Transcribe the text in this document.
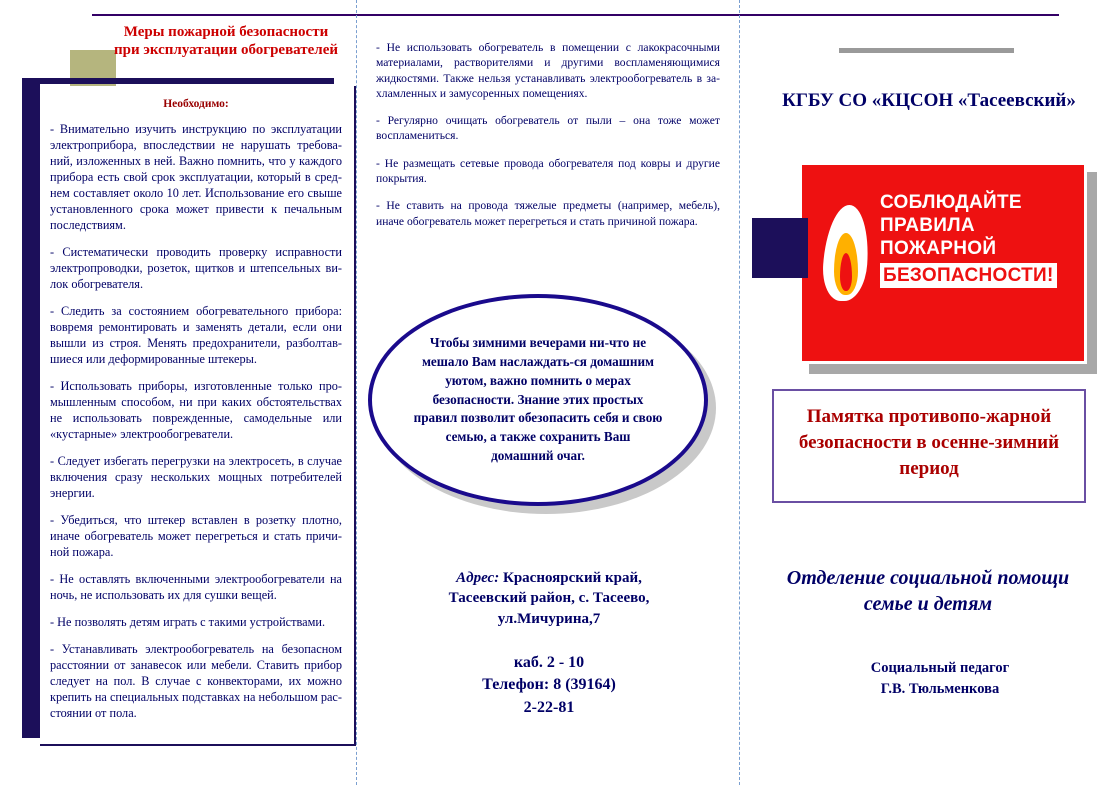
Меры пожарной безопасности при эксплуатации обогревателей
Необходимо:

- Внимательно изучить инструкцию по эксплуатации электроприбора, впоследствии не нарушать требова-ний, изложенных в ней. Важно помнить, что у каждого прибора есть свой срок эксплуатации, который в сред-нем составляет около 10 лет. Использование его свыше установленного срока может привести к печальным последствиям.

- Систематически проводить проверку исправности электропроводки, розеток, щитков и штепсельных ви-лок обогревателя.

- Следить за состоянием обогревательного прибора: вовремя ремонтировать и заменять детали, если они вышли из строя. Менять предохранители, разболтав-шиеся или деформированные штекеры.

- Использовать приборы, изготовленные только про-мышленным способом, ни при каких обстоятельствах не использовать поврежденные, самодельные или «кустарные» электрообогреватели.

- Следует избегать перегрузки на электросеть, в случае включения сразу нескольких мощных потребителей энергии.

- Убедиться, что штекер вставлен в розетку плотно, иначе обогреватель может перегреться и стать причи-ной пожара.

- Не оставлять включенными электрообогреватели на ночь, не использовать их для сушки вещей.

- Не позволять детям играть с такими устройствами.

- Устанавливать электрообогреватель на безопасном расстоянии от занавесок или мебели. Ставить прибор следует на пол. В случае с конвекторами, их можно крепить на специальных подставках на небольшом рас-стоянии от пола.

- Не использовать обогреватель в помещении с лакокрасочными материалами, растворителями и другими воспламеняющимися жидкостями. Также нельзя устанавливать электрообогреватель в за-хламленных и замусоренных помещениях.

- Регулярно очищать обогреватель от пыли – она тоже может воспламениться.

- Не размещать сетевые провода обогревателя под ковры и другие покрытия.

- Не ставить на провода тяжелые предметы (например, мебель), иначе обогреватель может перегреться и стать причиной пожара.

Чтобы зимними вечерами ни-что не мешало Вам наслаждать-ся домашним уютом, важно помнить о мерах безопасности. Знание этих простых правил позволит обезопасить себя и свою семью, а также сохранить Ваш домашний очаг.
Адрес: Красноярский край,
Тасеевский район, с. Тасеево,
ул.Мичурина,7
каб. 2 - 10
Телефон: 8 (39164)
2-22-81
КГБУ СО «КЦСОН «Тасеевский»
СОБЛЮДАЙТЕ
ПРАВИЛА
ПОЖАРНОЙ
БЕЗОПАСНОСТИ!
Памятка противопо-жарной безопасности в осенне-зимний период
Отделение социальной помощи семье и детям
Социальный педагог
Г.В. Тюльменкова
